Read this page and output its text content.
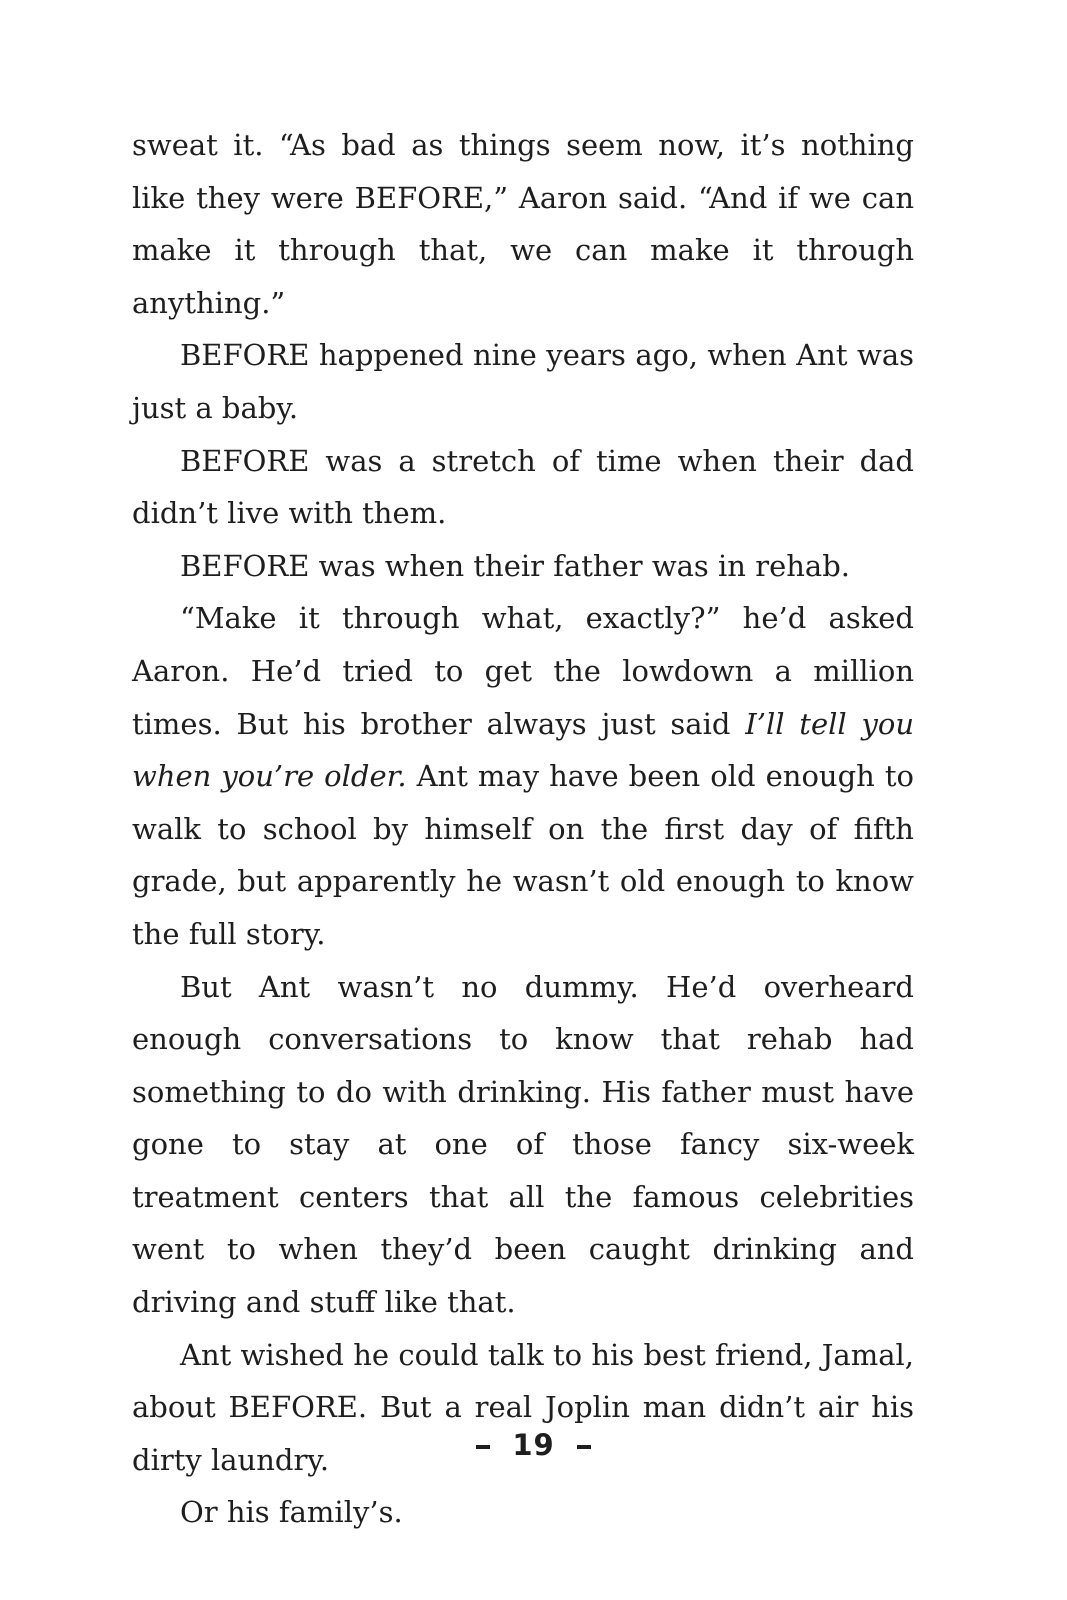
sweat it. “As bad as things seem now, it’s nothing like they were BEFORE,” Aaron said. “And if we can make it through that, we can make it through anything.”

BEFORE happened nine years ago, when Ant was just a baby.

BEFORE was a stretch of time when their dad didn’t live with them.

BEFORE was when their father was in rehab.

“Make it through what, exactly?” he’d asked Aaron. He’d tried to get the lowdown a million times. But his brother always just said I’ll tell you when you’re older. Ant may have been old enough to walk to school by himself on the first day of fifth grade, but apparently he wasn’t old enough to know the full story.

But Ant wasn’t no dummy. He’d overheard enough conversations to know that rehab had something to do with drinking. His father must have gone to stay at one of those fancy six-week treatment centers that all the famous celebrities went to when they’d been caught drinking and driving and stuff like that.

Ant wished he could talk to his best friend, Jamal, about BEFORE. But a real Joplin man didn’t air his dirty laundry.

Or his family’s.

19
